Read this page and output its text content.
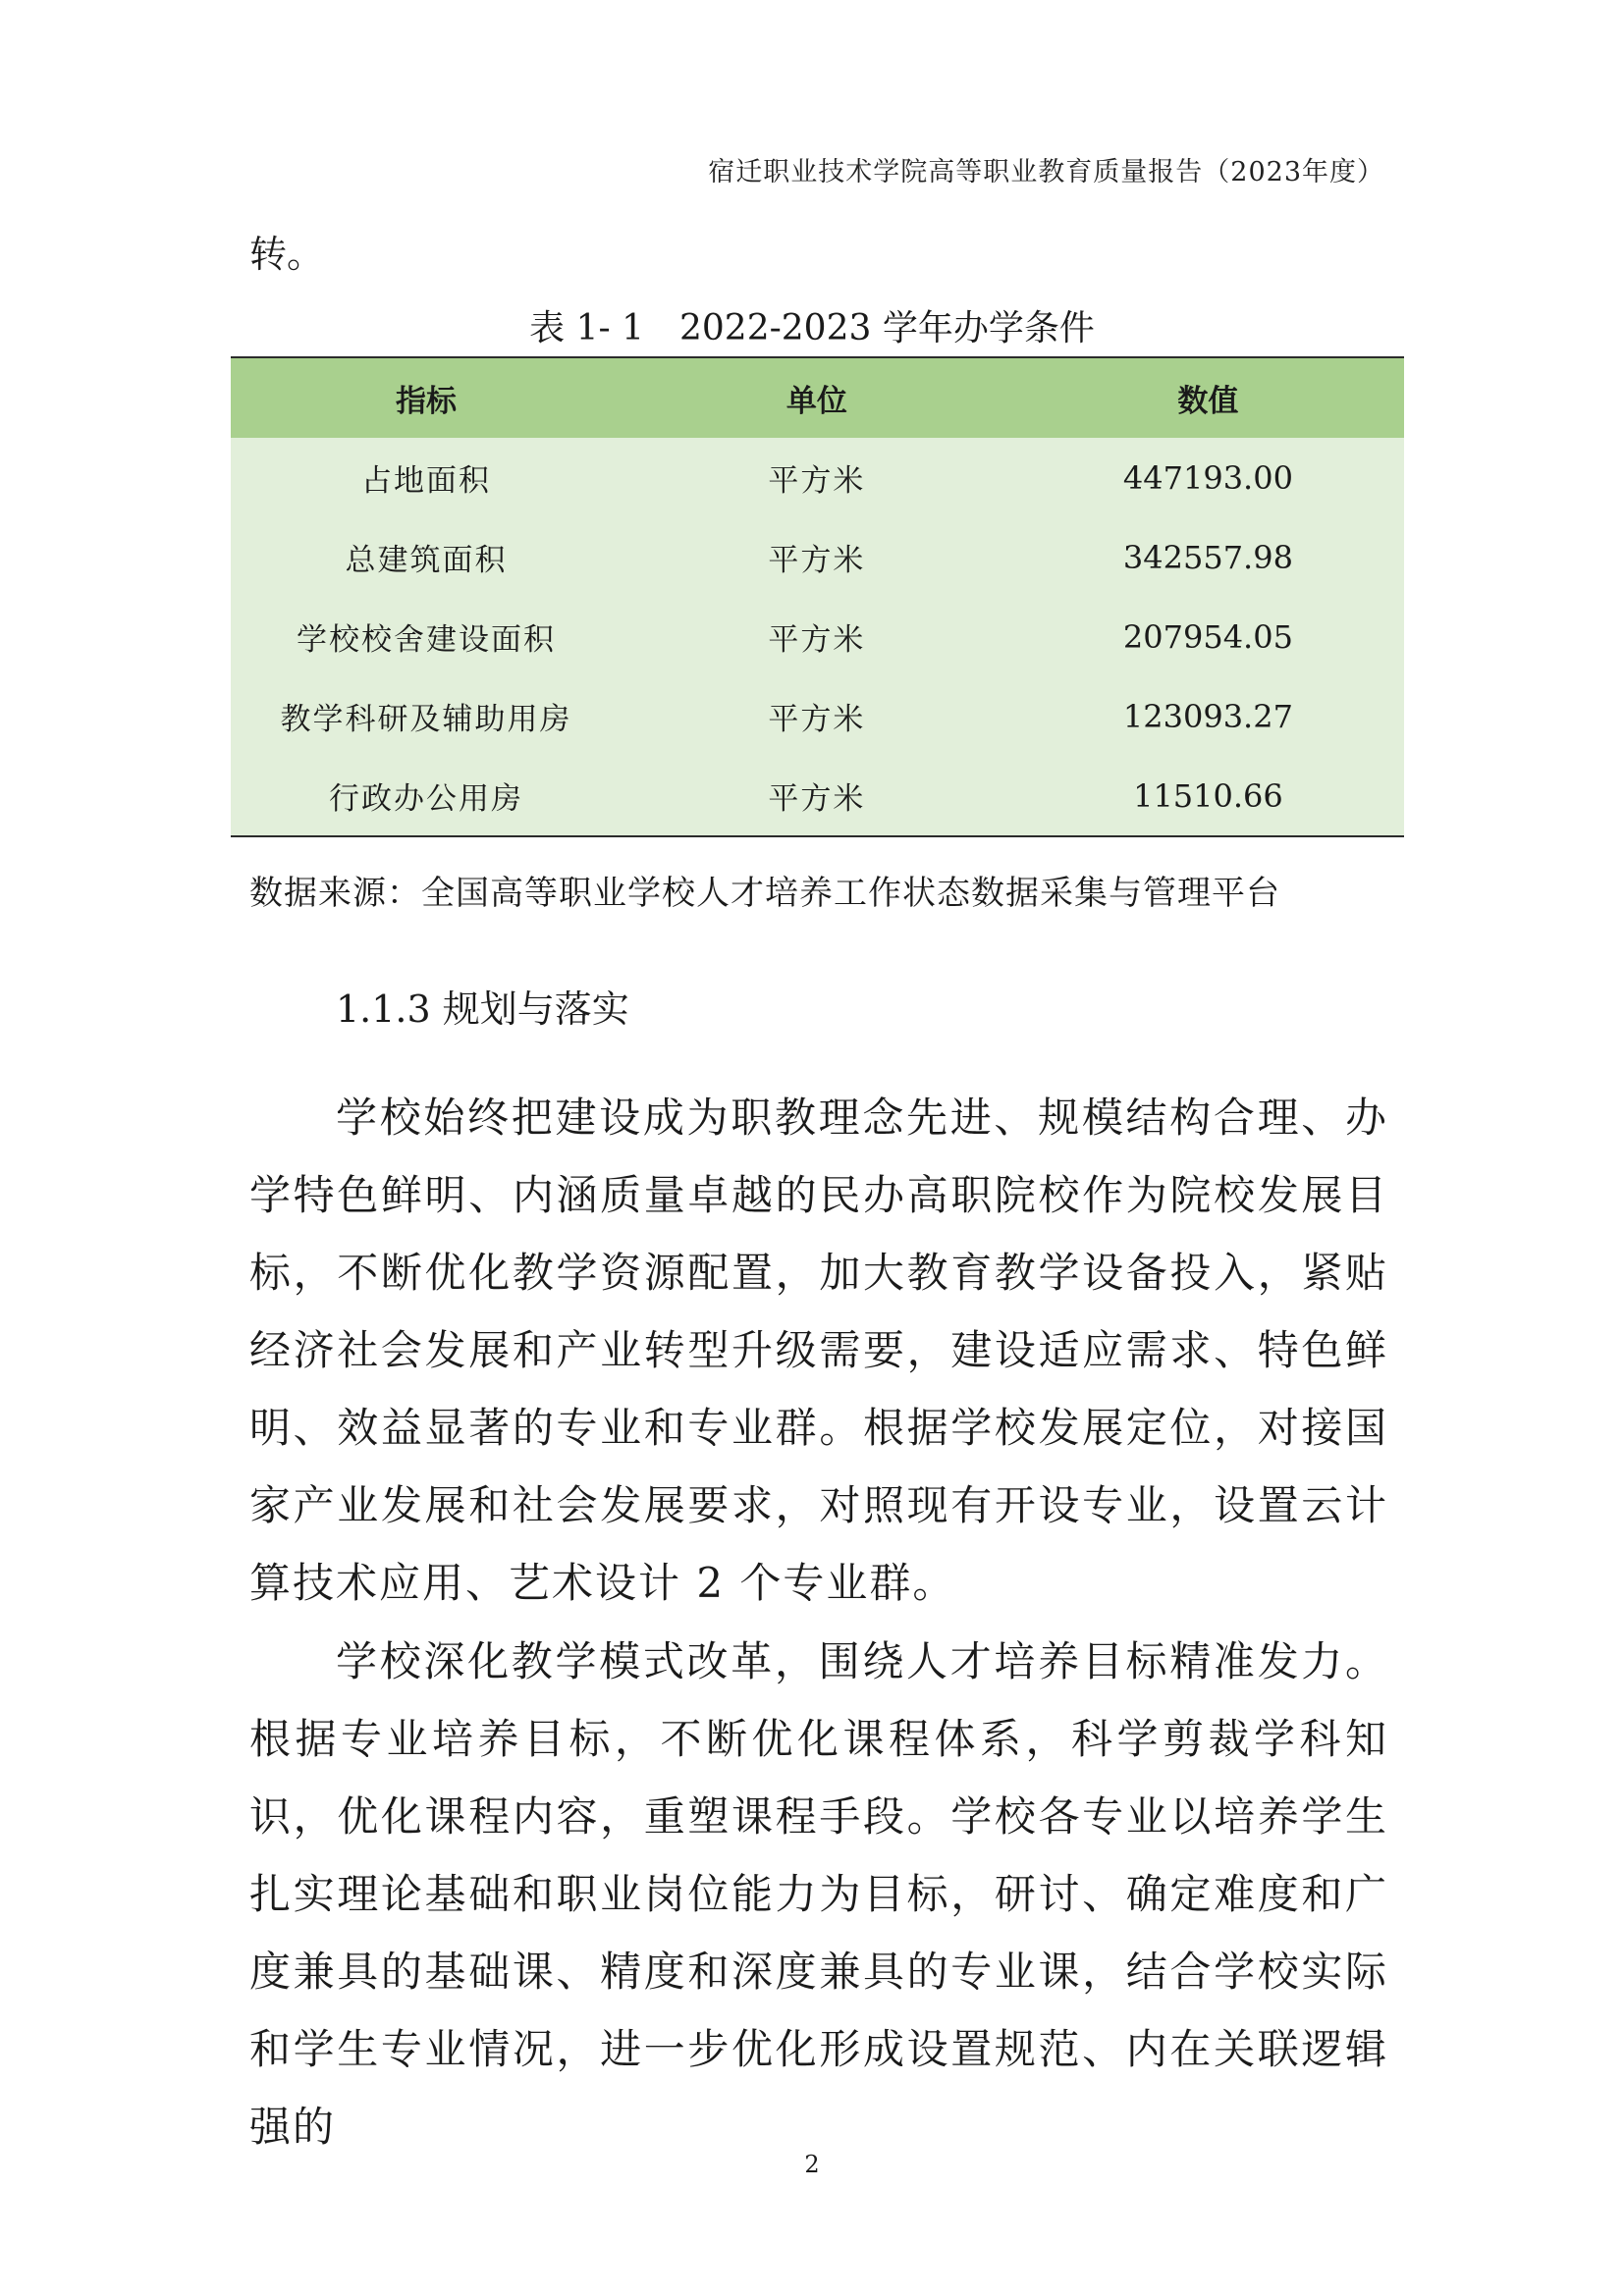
宿迁职业技术学院高等职业教育质量报告（2023年度）
转。
表 1- 1　2022-2023 学年办学条件
指标	单位	数值
占地面积	平方米	447193.00
总建筑面积	平方米	342557.98
学校校舍建设面积	平方米	207954.05
教学科研及辅助用房	平方米	123093.27
行政办公用房	平方米	11510.66
数据来源：全国高等职业学校人才培养工作状态数据采集与管理平台
1.1.3 规划与落实

学校始终把建设成为职教理念先进、规模结构合理、办学特色鲜明、内涵质量卓越的民办高职院校作为院校发展目标，不断优化教学资源配置，加大教育教学设备投入，紧贴经济社会发展和产业转型升级需要，建设适应需求、特色鲜明、效益显著的专业和专业群。根据学校发展定位，对接国家产业发展和社会发展要求，对照现有开设专业，设置云计算技术应用、艺术设计 2 个专业群。

学校深化教学模式改革，围绕人才培养目标精准发力。根据专业培养目标，不断优化课程体系，科学剪裁学科知识，优化课程内容，重塑课程手段。学校各专业以培养学生扎实理论基础和职业岗位能力为目标，研讨、确定难度和广度兼具的基础课、精度和深度兼具的专业课，结合学校实际和学生专业情况，进一步优化形成设置规范、内在关联逻辑强的

2
